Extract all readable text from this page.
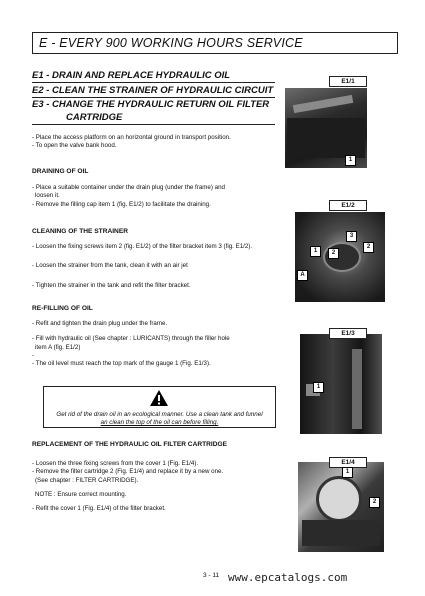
E - EVERY 900 WORKING HOURS SERVICE
E1 - DRAIN AND REPLACE HYDRAULIC OIL
E2 - CLEAN THE STRAINER OF HYDRAULIC CIRCUIT
E3 - CHANGE THE HYDRAULIC RETURN OIL FILTER
CARTRIDGE
- Place the access platform on an horizontal ground in transport position.
- To open the valve bank hood.
DRAINING OF OIL
- Place a suitable container under the drain plug (under the frame) and
loosen it.
- Remove the filling cap item 1 (fig. E1/2) to facilitate the draining.
CLEANING OF THE STRAINER
- Loosen the fixing screws item 2 (fig. E1/2) of the filter bracket item 3 (fig. E1/2).
- Loosen the strainer from the tank, clean it with an air jet
- Tighten the strainer in the tank and refit the filter bracket.
RE-FILLING OF OIL
- Refit and tighten the drain plug under the frame.
- Fill with hydraulic oil (See chapter : LURICANTS) through the filler hole
item A (fig. E1/2)
-
- The oil level must reach the top mark of the gauge 1 (Fig. E1/3).
Get rid of the drain oil in an ecological manner. Use a clean tank and funnel
an clean the top of the oil can before filling.
REPLACEMENT OF THE HYDRAULIC OIL FILTER CARTRIDGE
- Loosen the three fixing screws from the cover 1 (Fig. E1/4).
- Remove the filter cartridge 2 (Fig. E1/4) and replace it by a new one.
(See chapter : FILTER CARTRIDGE).
NOTE : Ensure correct mounting.
- Refit the cover 1 (Fig. E1/4) of the filter bracket.
E1/1
1
E1/2
3
1	2
2
A
E1/3
1
E1/4
1
2
3 - 11 www.epcatalogs.com
